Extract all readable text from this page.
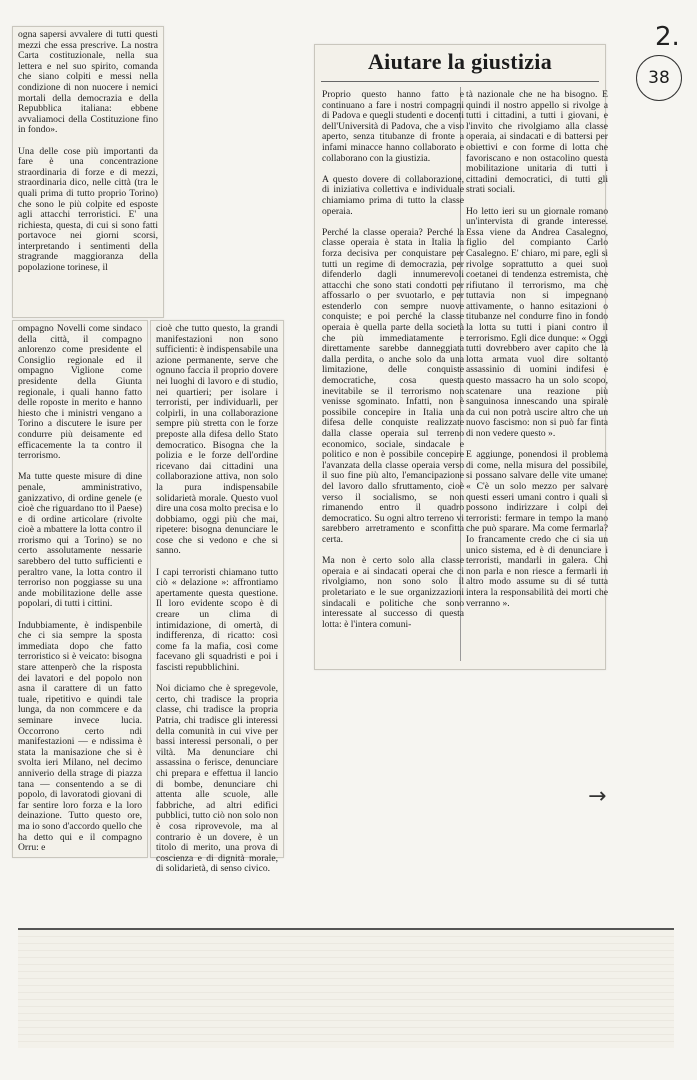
2.
38
ogna sapersi avvalere di tutti questi mezzi che essa prescrive. La nostra Carta costituzionale, nella sua lettera e nel suo spirito, comanda che siano colpiti e messi nella condizione di non nuocere i nemici mortali della democrazia e della Repubblica italiana: ebbene avvaliamoci della Costituzione fino in fondo».

Una delle cose più importanti da fare è una concentrazione straordinaria di forze e di mezzi, straordinaria dico, nelle città (tra le quali prima di tutto proprio Torino) che sono le più colpite ed esposte agli attacchi terroristici. E' una richiesta, questa, di cui si sono fatti portavoce nei giorni scorsi, interpretando i sentimenti della stragrande maggioranza della popolazione torinese, il
ompagno Novelli come sindaco della città, il compagno anlorenzo come presidente el Consiglio regionale ed il ompagno Viglione come presidente della Giunta regionale, i quali hanno fatto delle roposte in merito e hanno hiesto che i ministri vengano a Torino a discutere le isure per condurre più deisamente ed efficacemente la ta contro il terrorismo.

Ma tutte queste misure di dine penale, amministrativo, ganizzativo, di ordine genele (e cioè che riguardano tto il Paese) e di ordine articolare (rivolte cioè a mbattere la lotta contro il rrorismo qui a Torino) se no certo assolutamente nessarie sarebbero del tutto sufficienti e peraltro vane, la lotta contro il terroriso non poggiasse su una ande mobilitazione delle asse popolari, di tutti i cittini.

Indubbiamente, è indispenbile che ci sia sempre la sposta immediata dopo che fatto terroristico si è veicato: bisogna stare attenperò che la risposta dei lavatori e del popolo non asna il carattere di un fatto tuale, ripetitivo e quindi tale lunga, da non commcere e da seminare invece lucia. Occorrono certo ndi manifestazioni — e ndissima è stata la manisazione che si è svolta ieri Milano, nel decimo anniverio della strage di piazza tana — consentendo a se di popolo, di lavoratodi giovani di far sentire loro forza e la loro deinazione. Tutto questo ore, ma io sono d'accordo quello che ha detto qui e il compagno Orru: e
cioè che tutto questo, la grandi manifestazioni non sono sufficienti: è indispensabile una azione permanente, serve che ognuno faccia il proprio dovere nei luoghi di lavoro e di studio, nei quartieri; per isolare i terroristi, per individuarli, per colpirli, in una collaborazione sempre più stretta con le forze preposte alla difesa dello Stato democratico. Bisogna che la polizia e le forze dell'ordine ricevano dai cittadini una collaborazione attiva, non solo la pura indispensabile solidarietà morale. Questo vuol dire una cosa molto precisa e lo dobbiamo, oggi più che mai, ripetere: bisogna denunciare le cose che si vedono e che si sanno.

I capi terroristi chiamano tutto ciò « delazione »: affrontiamo apertamente questa questione. Il loro evidente scopo è di creare un clima di intimidazione, di omertà, di indifferenza, di ricatto: così come fa la mafia, così come facevano gli squadristi e poi i fascisti repubblichini.

Noi diciamo che è spregevole, certo, chi tradisce la propria classe, chi tradisce la propria Patria, chi tradisce gli interessi della comunità in cui vive per bassi interessi personali, o per viltà. Ma denunciare chi assassina o ferisce, denunciare chi prepara e effettua il lancio di bombe, denunciare chi attenta alle scuole, alle fabbriche, ad altri edifici pubblici, tutto ciò non solo non è cosa riprovevole, ma al contrario è un dovere, è un titolo di merito, una prova di coscienza e di dignità morale, di solidarietà, di senso civico.
Aiutare la giustizia
Proprio questo hanno fatto e continuano a fare i nostri compagni di Padova e quegli studenti e docenti dell'Università di Padova, che a viso aperto, senza titubanze di fronte a infami minacce hanno collaborato e collaborano con la giustizia.

A questo dovere di collaborazione, di iniziativa collettiva e individuale chiamiamo prima di tutto la classe operaia.

Perché la classe operaia? Perché la classe operaia è stata in Italia la forza decisiva per conquistare per tutti un regime di democrazia, per difenderlo dagli innumerevoli attacchi che sono stati condotti per affossarlo o per svuotarlo, e per estenderlo con sempre nuove conquiste; e poi perché la classe operaia è quella parte della società che più immediatamente e direttamente sarebbe danneggiata dalla perdita, o anche solo da una limitazione, delle conquiste democratiche, cosa questa inevitabile se il terrorismo non venisse sgominato. Infatti, non è possibile concepire in Italia una difesa delle conquiste realizzate dalla classe operaia sul terreno economico, sociale, sindacale e politico e non è possibile concepire l'avanzata della classe operaia verso il suo fine più alto, l'emancipazione del lavoro dallo sfruttamento, cioè verso il socialismo, se non rimanendo entro il quadro democratico. Su ogni altro terreno vi sarebbero arretramento e sconfitta certa.

Ma non è certo solo alla classe operaia e ai sindacati operai che ci rivolgiamo, non sono solo il proletariato e le sue organizzazioni sindacali e politiche che sono interessate al successo di questa lotta: è l'intera comuni-
tà nazionale che ne ha bisogno. E quindi il nostro appello si rivolge a tutti i cittadini, a tutti i giovani, e l'invito che rivolgiamo alla classe operaia, ai sindacati e di battersi per obiettivi e con forme di lotta che favoriscano e non ostacolino questa mobilitazione unitaria di tutti i cittadini democratici, di tutti gli strati sociali.

Ho letto ieri su un giornale romano un'intervista di grande interesse. Essa viene da Andrea Casalegno, figlio del compianto Carlo Casalegno. E' chiaro, mi pare, egli si rivolge soprattutto a quei suoi coetanei di tendenza estremista, che rifiutano il terrorismo, ma che tuttavia non si impegnano attivamente, o hanno esitazioni o titubanze nel condurre fino in fondo la lotta su tutti i piani contro il terrorismo. Egli dice dunque: « Oggi tutti dovrebbero aver capito che la lotta armata vuol dire soltanto assassinio di uomini indifesi e questo massacro ha un solo scopo, scatenare una reazione più sanguinosa innescando una spirale da cui non potrà uscire altro che un nuovo fascismo: non si può far finta di non vedere questo ».

E aggiunge, ponendosi il problema di come, nella misura del possibile, si possano salvare delle vite umane: « C'è un solo mezzo per salvare questi esseri umani contro i quali si possono indirizzare i colpi dei terroristi: fermare in tempo la mano che può sparare. Ma come fermarla? Io francamente credo che ci sia un unico sistema, ed è di denunciare i terroristi, mandarli in galera. Chi non parla e non riesce a fermarli in altro modo assume su di sé tutta intera la responsabilità dei morti che verranno ».
→
